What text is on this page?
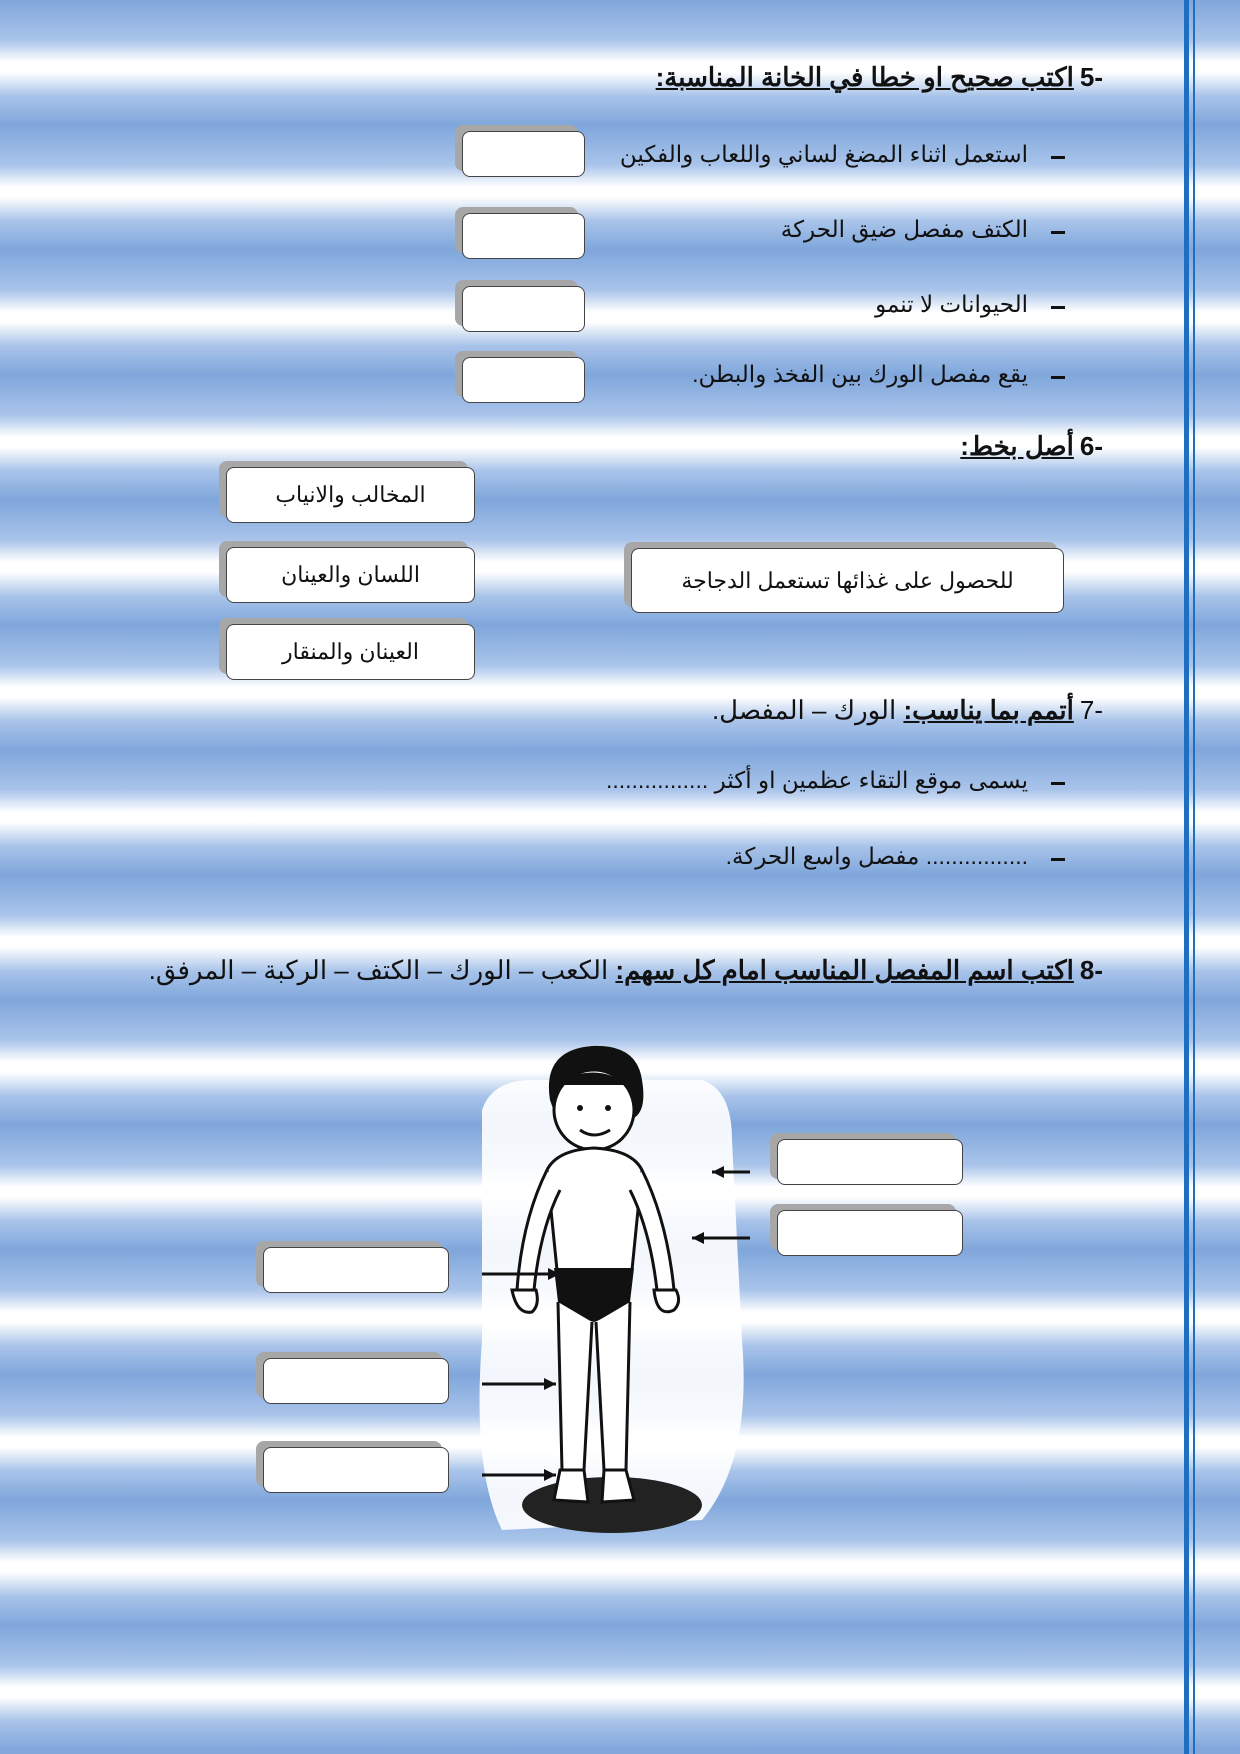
-5اكتب صحيح او خطا في الخانة المناسبة:
استعمل اثناء المضغ لساني واللعاب والفكين
الكتف مفصل ضيق الحركة
الحيوانات لا تنمو
يقع مفصل الورك بين الفخذ والبطن.
-6أصل بخط:
للحصول على غذائها تستعمل الدجاجة
المخالب والانياب
اللسان والعينان
العينان والمنقار
-7أتمم بما يناسب: الورك – المفصل.
يسمى موقع التقاء عظمين او أكثر ................
................ مفصل واسع الحركة.
-8اكتب اسم المفصل المناسب امام كل سهم: الكعب – الورك – الكتف – الركبة – المرفق.
